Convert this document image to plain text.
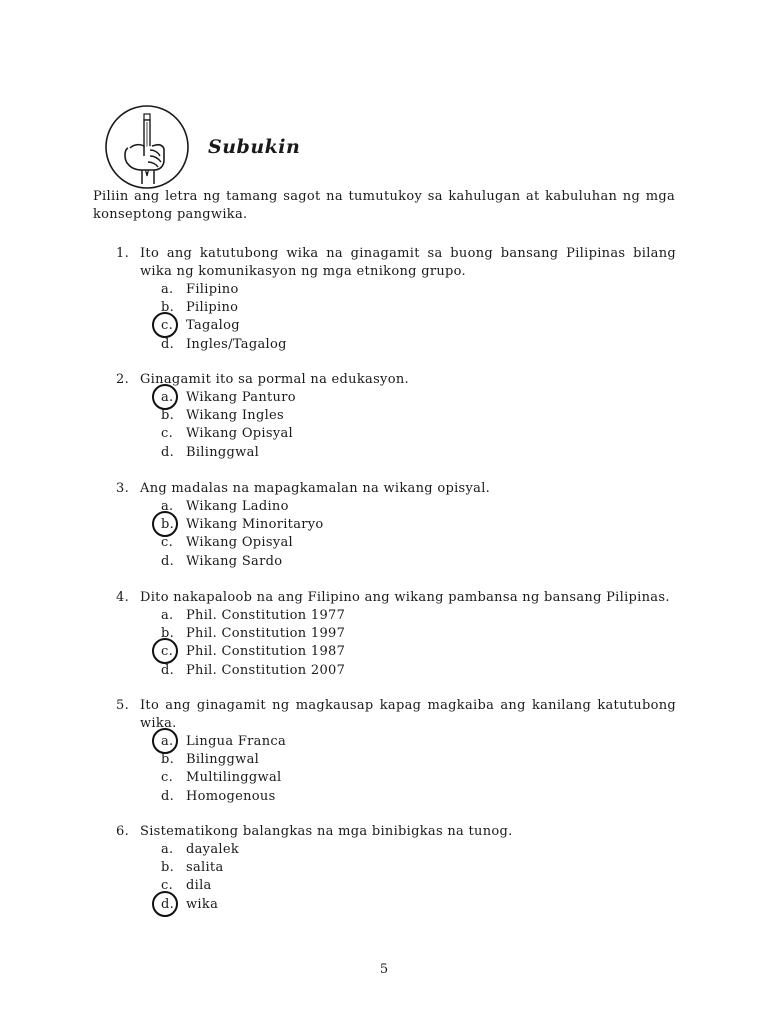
Subukin
Piliin ang letra ng tamang sagot na tumutukoy sa kahulugan at kabuluhan ng mga konseptong pangwika.
1. Ito ang katutubong wika na ginagamit sa buong bansang Pilipinas bilang wika ng komunikasyon ng mga etnikong grupo.
a. Filipino
b. Pilipino
c. Tagalog
d. Ingles/Tagalog
2. Ginagamit ito sa pormal na edukasyon.
a. Wikang Panturo
b. Wikang Ingles
c. Wikang Opisyal
d. Bilinggwal
3. Ang madalas na mapagkamalan na wikang opisyal.
a. Wikang Ladino
b. Wikang Minoritaryo
c. Wikang Opisyal
d. Wikang Sardo
4. Dito nakapaloob na ang Filipino ang wikang pambansa ng bansang Pilipinas.
a. Phil. Constitution 1977
b. Phil. Constitution 1997
c. Phil. Constitution 1987
d. Phil. Constitution 2007
5. Ito ang ginagamit ng magkausap kapag magkaiba ang kanilang katutubong wika.
a. Lingua Franca
b. Bilinggwal
c. Multilinggwal
d. Homogenous
6. Sistematikong balangkas na mga binibigkas na tunog.
a. dayalek
b. salita
c. dila
d. wika
5
